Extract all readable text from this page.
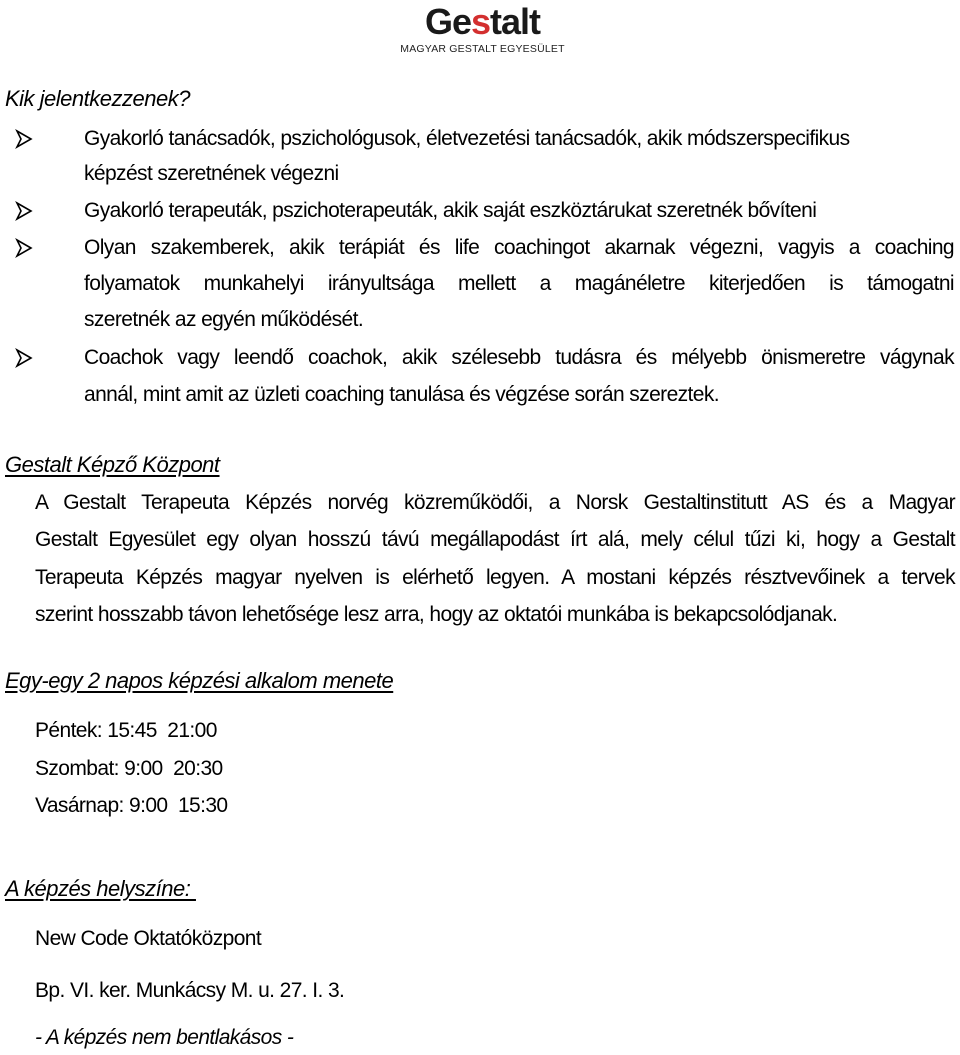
Gestalt
MAGYAR GESTALT EGYESÜLET
Kik jelentkezzenek?
Gyakorló tanácsadók, pszichológusok, életvezetési tanácsadók, akik módszerspecifikus
képzést szeretnének végezni
Gyakorló terapeuták, pszichoterapeuták, akik saját eszköztárukat szeretnék bővíteni
Olyan szakemberek, akik terápiát és life coachingot akarnak végezni, vagyis a coaching
folyamatok munkahelyi irányultsága mellett a magánéletre kiterjedően is támogatni
szeretnék az egyén működését.
Coachok vagy leendő coachok, akik szélesebb tudásra és mélyebb önismeretre vágynak
annál, mint amit az üzleti coaching tanulása és végzése során szereztek.
Gestalt Képző Központ
A Gestalt Terapeuta Képzés norvég közreműködői, a Norsk Gestaltinstitutt AS és a Magyar
Gestalt Egyesület egy olyan hosszú távú megállapodást írt alá, mely célul tűzi ki, hogy a Gestalt
Terapeuta Képzés magyar nyelven is elérhető legyen. A mostani képzés résztvevőinek a tervek
szerint hosszabb távon lehetősége lesz arra, hogy az oktatói munkába is bekapcsolódjanak.
Egy-egy 2 napos képzési alkalom menete
Péntek: 15:45  21:00
Szombat: 9:00  20:30
Vasárnap: 9:00  15:30
A képzés helyszíne:
New Code Oktatóközpont
Bp. VI. ker. Munkácsy M. u. 27. I. 3.
- A képzés nem bentlakásos -
